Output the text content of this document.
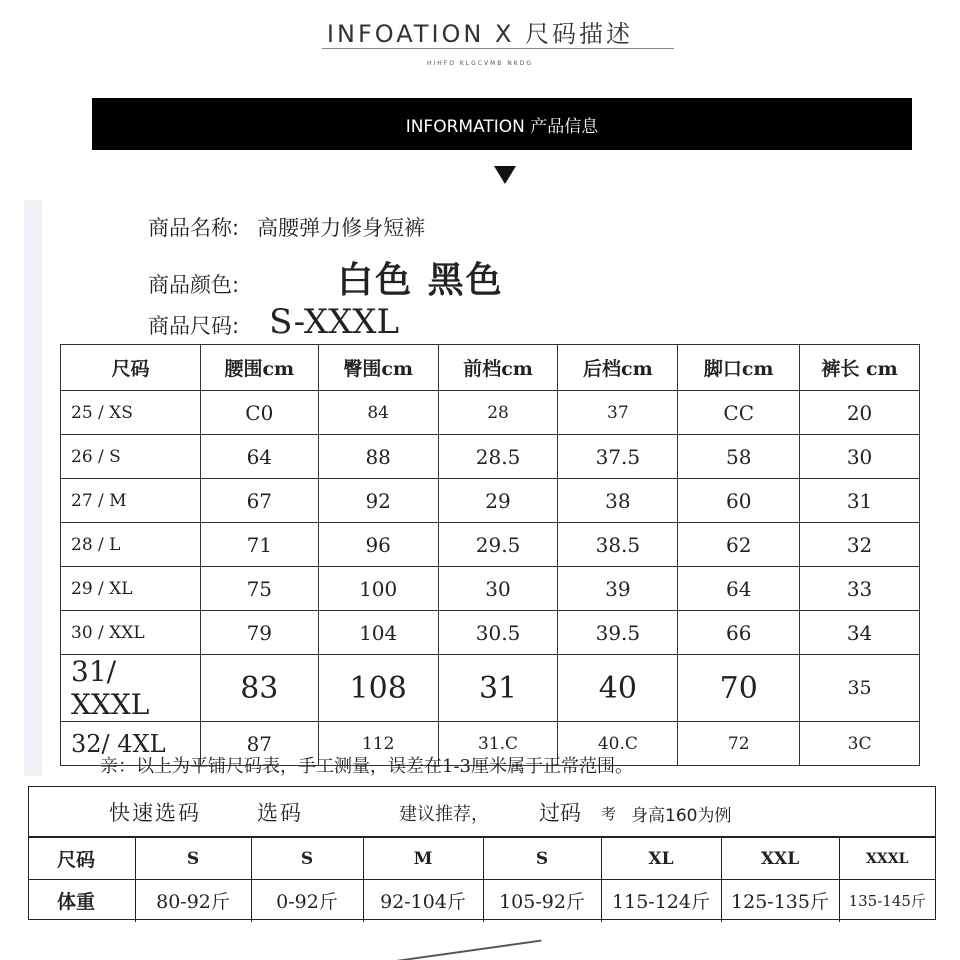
INFOATION X 尺码描述
HIHFO KLGCVMB NKDG
INFORMATION 产品信息
商品名称: 高腰弹力修身短裤
商品颜色:	白色 黑色
商品尺码: S-XXXL
尺码	腰围cm	臀围cm	前档cm	后档cm	脚口cm	裤长 cm
25 / XS	C0	84	28	37	CC	20
26 / S	64	88	28.5	37.5	58	30
27 / M	67	92	29	38	60	31
28 / L	71	96	29.5	38.5	62	32
29 / XL	75	100	30	39	64	33
30 / XXL	79	104	30.5	39.5	66	34
31/ XXXL	83	108	31	40	70	35
32/ 4XL	87	112	31.C	40.C	72	3C
亲：以上为平铺尺码表，手工测量，误差在1-3厘米属于正常范围。
快速选码	选码	建议推荐， 过码 考 身高160为例
尺码	S	S	M	S	XL	XXL	XXXL
体重	80-92斤	0-92斤	92-104斤	105-92斤	115-124斤	125-135斤	135-145斤
